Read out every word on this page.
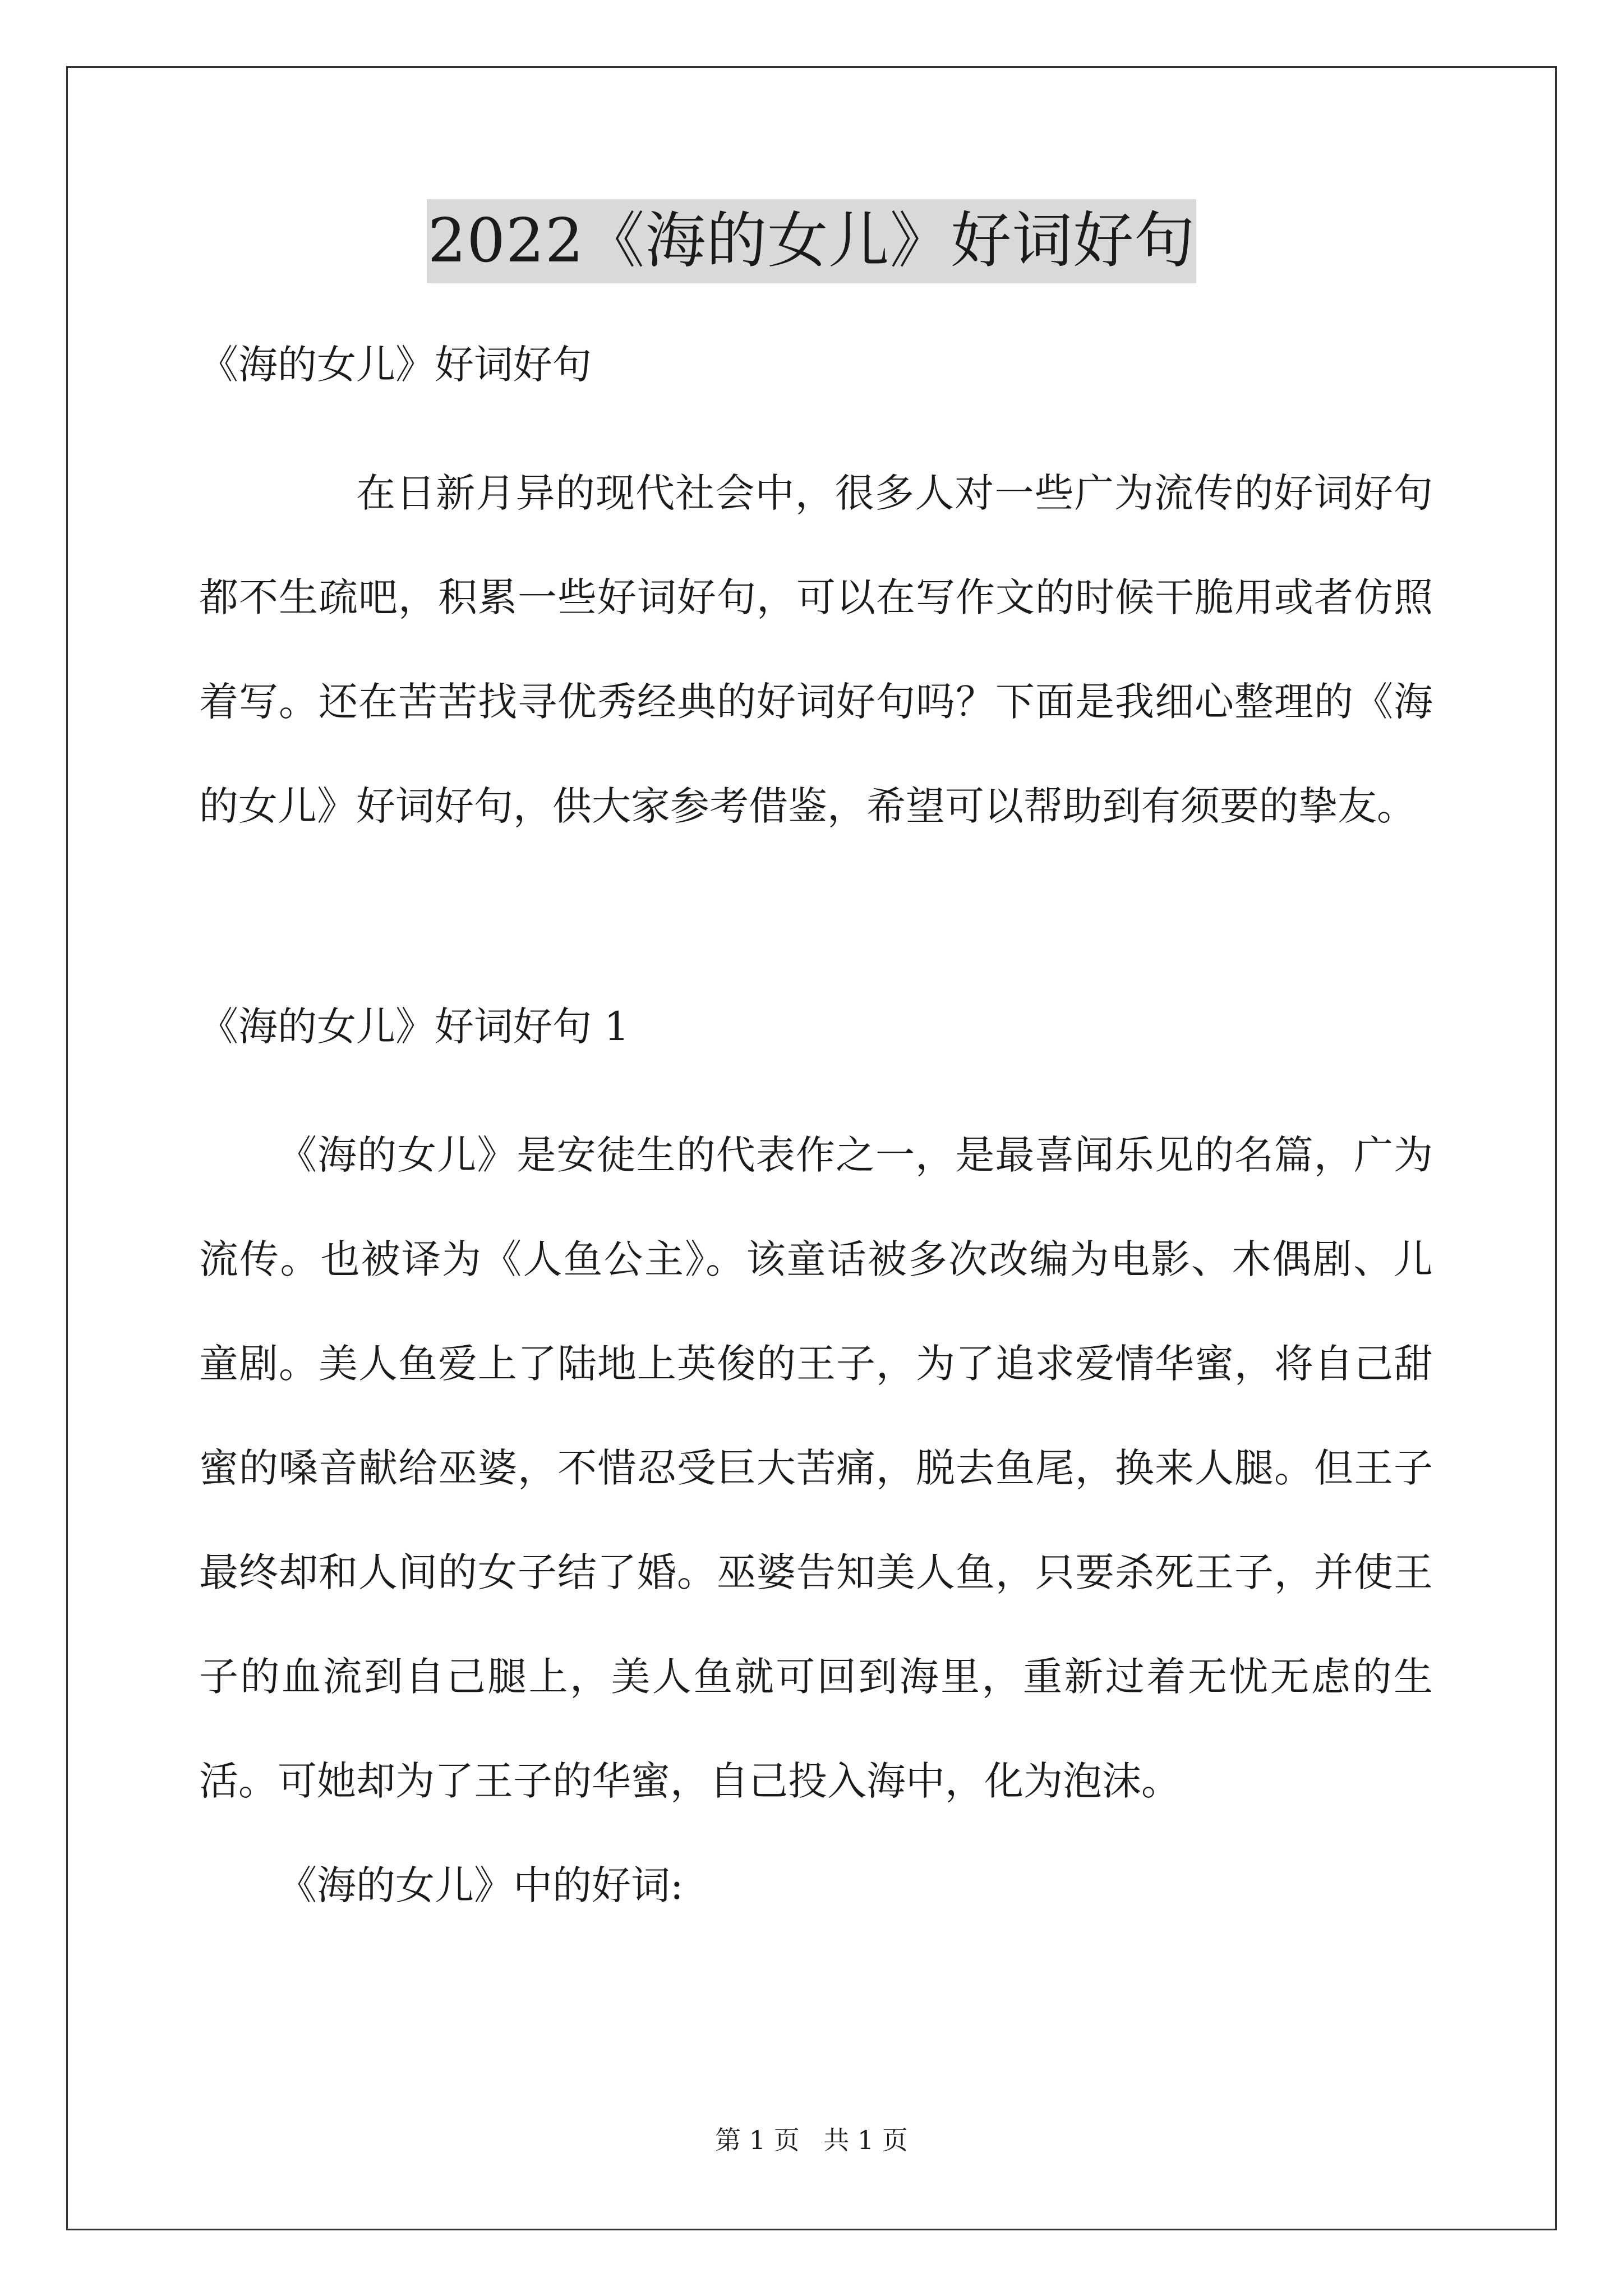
2022《海的女儿》好词好句

《海的女儿》好词好句

在日新月异的现代社会中，很多人对一些广为流传的好词好句都不生疏吧，积累一些好词好句，可以在写作文的时候干脆用或者仿照着写。还在苦苦找寻优秀经典的好词好句吗？下面是我细心整理的《海的女儿》好词好句，供大家参考借鉴，希望可以帮助到有须要的挚友。

《海的女儿》好词好句 1

《海的女儿》是安徒生的代表作之一，是最喜闻乐见的名篇，广为流传。也被译为《人鱼公主》。该童话被多次改编为电影、木偶剧、儿童剧。美人鱼爱上了陆地上英俊的王子，为了追求爱情华蜜，将自己甜蜜的嗓音献给巫婆，不惜忍受巨大苦痛，脱去鱼尾，换来人腿。但王子最终却和人间的女子结了婚。巫婆告知美人鱼，只要杀死王子，并使王子的血流到自己腿上，美人鱼就可回到海里，重新过着无忧无虑的生活。可她却为了王子的华蜜，自己投入海中，化为泡沫。

《海的女儿》中的好词:

第 1 页 共 1 页
